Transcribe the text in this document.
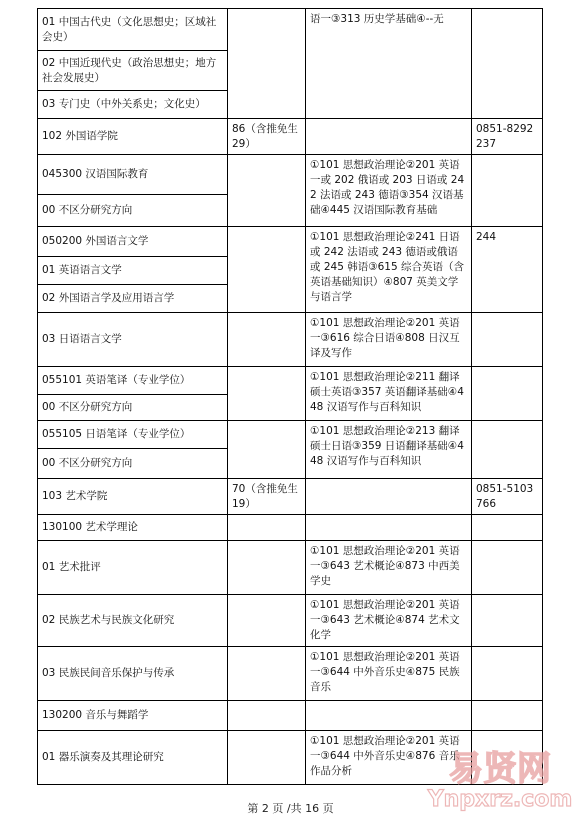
01 中国古代史（文化思想史；区域社会史）		语一③313 历史学基础④--无	
02 中国近现代史（政治思想史；地方社会发展史）			
03 专门史（中外关系史；文化史）			
102 外国语学院	86（含推免生 29）		0851-8292237
045300 汉语国际教育		①101 思想政治理论②201 英语一或 202 俄语或 203 日语或 242 法语或 243 德语③354 汉语基础④445 汉语国际教育基础	
00 不区分研究方向			
050200 外国语言文学		①101 思想政治理论②241 日语或 242 法语或 243 德语或俄语或 245 韩语③615 综合英语（含英语基础知识）④807 英美文学与语言学	244
01 英语语言文学			
02 外国语言学及应用语言学			
03 日语语言文学		①101 思想政治理论②201 英语一③616 综合日语④808 日汉互译及写作	
055101 英语笔译（专业学位）		①101 思想政治理论②211 翻译硕士英语③357 英语翻译基础④448 汉语写作与百科知识	
00 不区分研究方向			
055105 日语笔译（专业学位）		①101 思想政治理论②213 翻译硕士日语③359 日语翻译基础④448 汉语写作与百科知识	
00 不区分研究方向			
103 艺术学院	70（含推免生 19）		0851-5103766
130100 艺术学理论			
01 艺术批评		①101 思想政治理论②201 英语一③643 艺术概论④873 中西美学史	
02 民族艺术与民族文化研究		①101 思想政治理论②201 英语一③643 艺术概论④874 艺术文化学	
03 民族民间音乐保护与传承		①101 思想政治理论②201 英语一③644 中外音乐史④875 民族音乐	
130200 音乐与舞蹈学			
01 器乐演奏及其理论研究		①101 思想政治理论②201 英语一③644 中外音乐史④876 音乐作品分析	
第 2 页 /共 16 页
易贤网
Ynpxrz.com
